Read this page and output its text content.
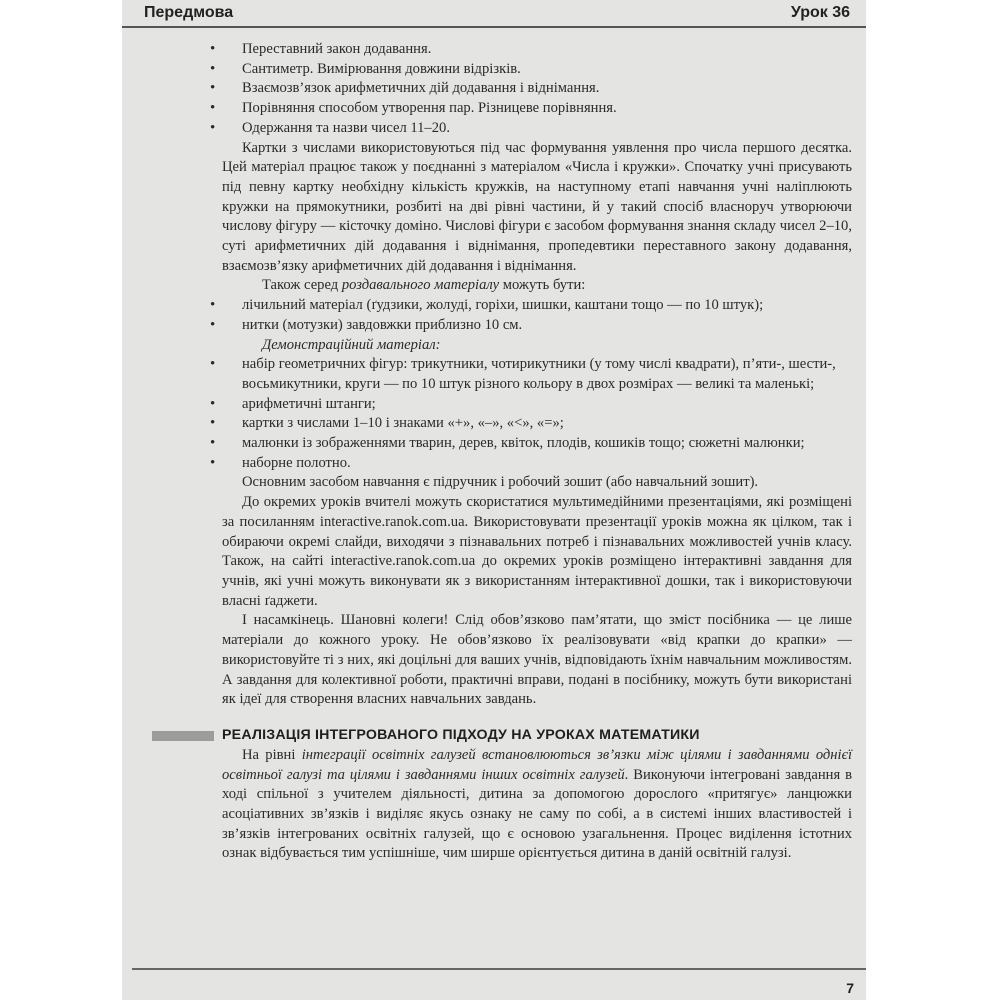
Передмова	Урок 36
• Переставний закон додавання.
• Сантиметр. Вимірювання довжини відрізків.
• Взаємозв’язок арифметичних дій додавання і віднімання.
• Порівняння способом утворення пар. Різницеве порівняння.
• Одержання та назви чисел 11–20.

Картки з числами використовуються під час формування уявлення про числа першого десятка. Цей матеріал працює також у поєднанні з матеріалом «Числа і кружки». Спочатку учні присувають під певну картку необхідну кількість кружків, на наступному етапі навчання учні наліплюють кружки на прямокутники, розбиті на дві рівні частини, й у такий спосіб власноруч утворюючи числову фігуру — кісточку доміно. Числові фігури є засобом формування знання складу чисел 2–10, суті арифметичних дій додавання і віднімання, пропедевтики переставного закону додавання, взаємозв’язку арифметичних дій додавання і віднімання.

Також серед роздавального матеріалу можуть бути:

• лічильний матеріал (ґудзики, жолуді, горіхи, шишки, каштани тощо — по 10 штук);
• нитки (мотузки) завдовжки приблизно 10 см.

Демонстраційний матеріал:

• набір геометричних фігур: трикутники, чотирикутники (у тому числі квадрати), п’яти-, шести-, восьмикутники, круги — по 10 штук різного кольору в двох розмірах — великі та маленькі;
• арифметичні штанги;
• картки з числами 1–10 і знаками «+», «–», «<», «=»;
• малюнки із зображеннями тварин, дерев, квіток, плодів, кошиків тощо; сюжетні малюнки;
• наборне полотно.

Основним засобом навчання є підручник і робочий зошит (або навчальний зошит).

До окремих уроків вчителі можуть скористатися мультимедійними презентаціями, які розміщені за посиланням interactive.ranok.com.ua. Використовувати презентації уроків можна як цілком, так і обираючи окремі слайди, виходячи з пізнавальних потреб і пізнавальних можливостей учнів класу. Також, на сайті interactive.ranok.com.ua до окремих уроків розміщено інтерактивні завдання для учнів, які учні можуть виконувати як з використанням інтерактивної дошки, так і використовуючи власні ґаджети.

І насамкінець. Шановні колеги! Слід обов’язково пам’ятати, що зміст посібника — це лише матеріали до кожного уроку. Не обов’язково їх реалізовувати «від крапки до крапки» — використовуйте ті з них, які доцільні для ваших учнів, відповідають їхнім навчальним можливостям. А завдання для колективної роботи, практичні вправи, подані в посібнику, можуть бути використані як ідеї для створення власних навчальних завдань.

РЕАЛІЗАЦІЯ ІНТЕГРОВАНОГО ПІДХОДУ НА УРОКАХ МАТЕМАТИКИ

На рівні інтеграції освітніх галузей встановлюються зв’язки між цілями і завданнями однієї освітньої галузі та цілями і завданнями інших освітніх галузей. Виконуючи інтегровані завдання в ході спільної з учителем діяльності, дитина за допомогою дорослого «притягує» ланцюжки асоціативних зв’язків і виділяє якусь ознаку не саму по собі, а в системі інших властивостей і зв’язків інтегрованих освітніх галузей, що є основою узагальнення. Процес виділення істотних ознак відбувається тим успішніше, чим ширше орієнтується дитина в даній освітній галузі.

7
